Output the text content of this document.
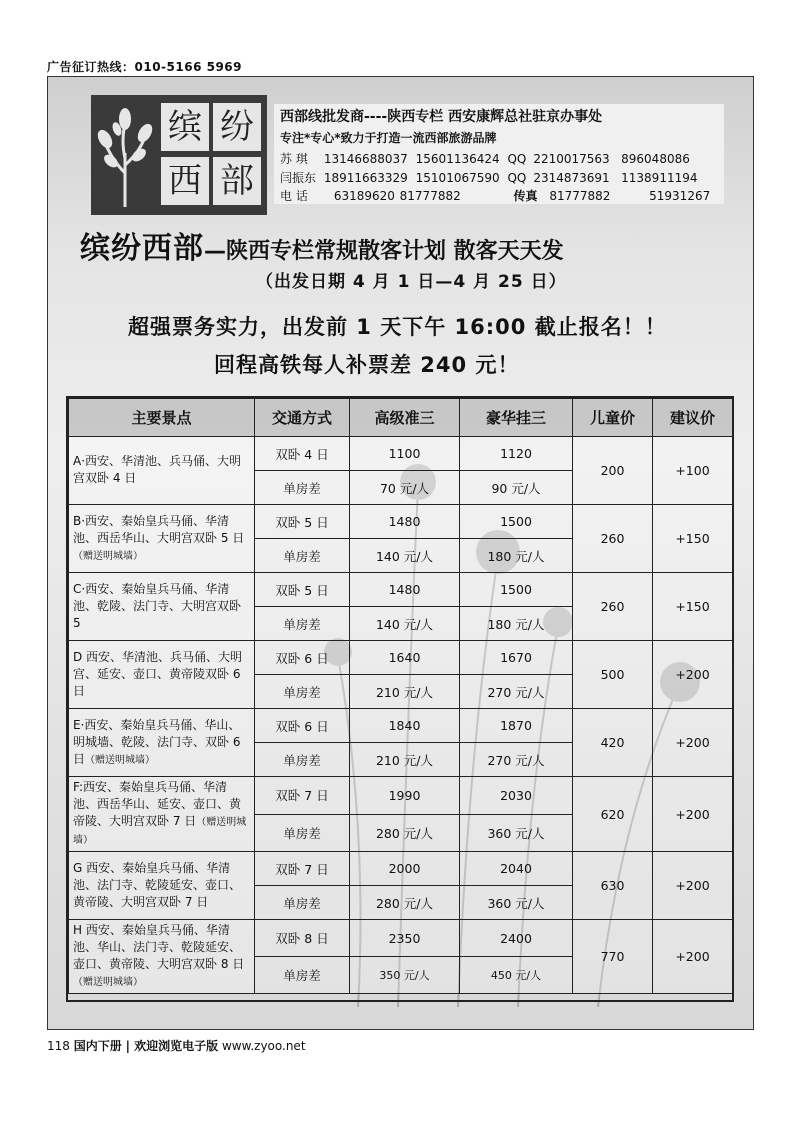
广告征订热线：010-5166 5969
缤 纷
西 部
西部线批发商----陕西专栏 西安康辉总社驻京办事处
专注*专心*致力于打造一流西部旅游品牌
苏 琪 13146688037 15601136424 QQ 2210017563 896048086
闫振东 18911663329 15101067590 QQ 2314873691 1138911194
电 话 63189620 81777882	传真 81777882	51931267
缤纷西部—陕西专栏常规散客计划 散客天天发
（出发日期 4 月 1 日—4 月 25 日）
超强票务实力，出发前 1 天下午 16:00 截止报名！！
回程高铁每人补票差 240 元！
主要景点	交通方式	高级准三	豪华挂三	儿童价	建议价
A·西安、华清池、兵马俑、大明宫双卧 4 日	双卧 4 日	1100	1120	200	+100
	单房差	70 元/人	90 元/人		
B·西安、秦始皇兵马俑、华清池、西岳华山、大明宫双卧 5 日（赠送明城墙）	双卧 5 日	1480	1500	260	+150
	单房差	140 元/人	180 元/人		
C·西安、秦始皇兵马俑、华清池、乾陵、法门寺、大明宫双卧 5	双卧 5 日	1480	1500	260	+150
	单房差	140 元/人	180 元/人		
D 西安、华清池、兵马俑、大明宫、延安、壶口、黄帝陵双卧 6 日	双卧 6 日	1640	1670	500	+200
	单房差	210 元/人	270 元/人		
E·西安、秦始皇兵马俑、华山、明城墙、乾陵、法门寺、双卧 6 日（赠送明城墙）	双卧 6 日	1840	1870	420	+200
	单房差	210 元/人	270 元/人		
F:西安、秦始皇兵马俑、华清池、西岳华山、延安、壶口、黄帝陵、大明宫双卧 7 日（赠送明城墙）	双卧 7 日	1990	2030	620	+200
	单房差	280 元/人	360 元/人		
G 西安、秦始皇兵马俑、华清池、法门寺、乾陵延安、壶口、黄帝陵、大明宫双卧 7 日	双卧 7 日	2000	2040	630	+200
	单房差	280 元/人	360 元/人		
H 西安、秦始皇兵马俑、华清池、华山、法门寺、乾陵延安、壶口、黄帝陵、大明宫双卧 8 日（赠送明城墙）	双卧 8 日	2350	2400	770	+200
	单房差	350 元/人	450 元/人		
118 国内下册 | 欢迎浏览电子版 www.zyoo.net
